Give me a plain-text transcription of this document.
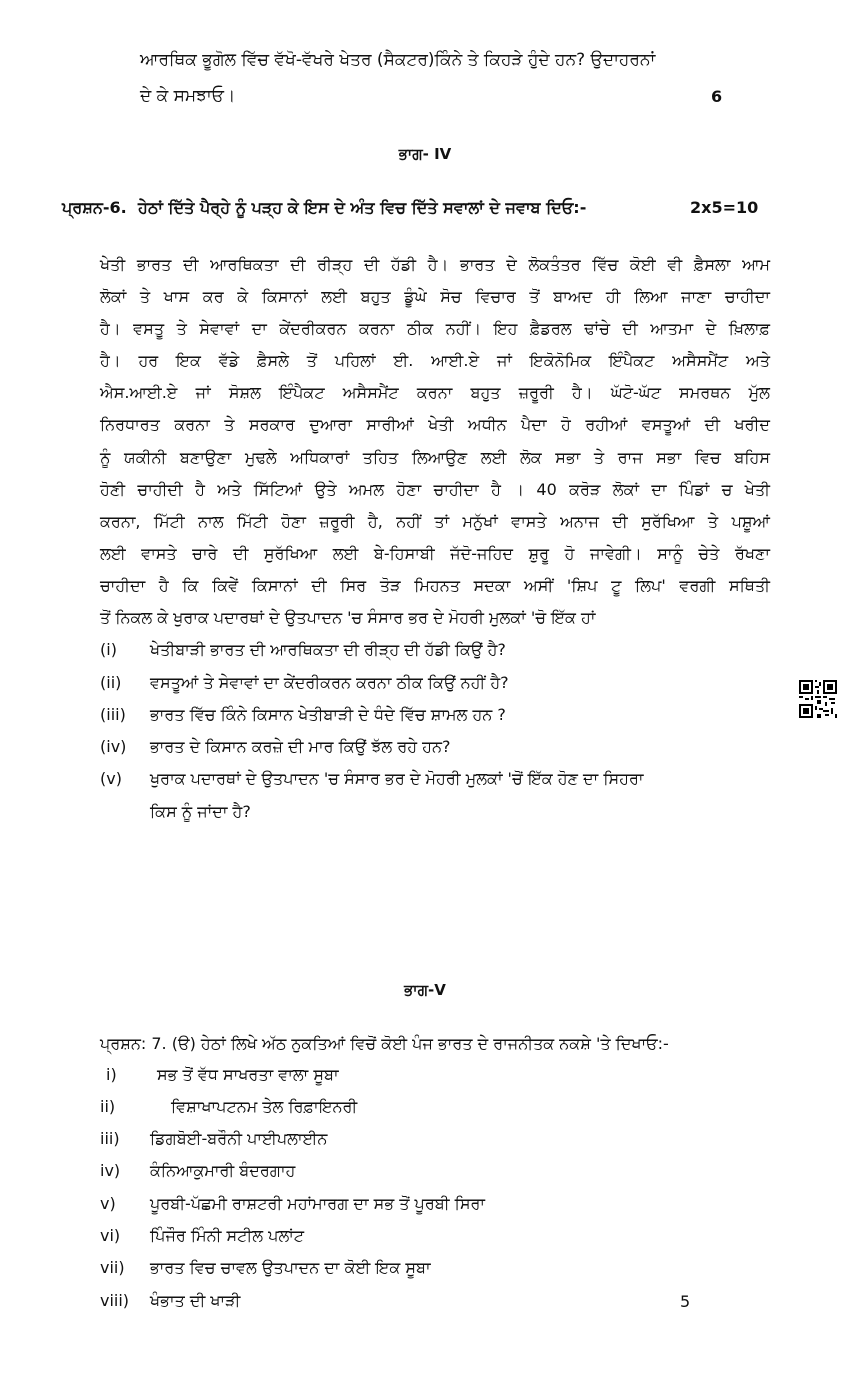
ਆਰਥਿਕ ਭੂਗੋਲ ਵਿੱਚ ਵੱਖੋ-ਵੱਖਰੇ ਖੇਤਰ (ਸੈਕਟਰ)ਕਿੰਨੇ ਤੇ ਕਿਹੜੇ ਹੁੰਦੇ ਹਨ? ਉਦਾਹਰਨਾਂ
ਦੇ ਕੇ ਸਮਝਾਓ।	6
ਭਾਗ- IV
ਪ੍ਰਸ਼ਨ-6. ਹੇਠਾਂ ਦਿੱਤੇ ਪੈਰ੍ਹੇ ਨੂੰ ਪੜ੍ਹ ਕੇ ਇਸ ਦੇ ਅੰਤ ਵਿਚ ਦਿੱਤੇ ਸਵਾਲਾਂ ਦੇ ਜਵਾਬ ਦਿਓ:-	2x5=10
ਖੇਤੀ ਭਾਰਤ ਦੀ ਆਰਥਿਕਤਾ ਦੀ ਰੀੜ੍ਹ ਦੀ ਹੱਡੀ ਹੈ। ਭਾਰਤ ਦੇ ਲੋਕਤੰਤਰ ਵਿੱਚ ਕੋਈ ਵੀ ਫ਼ੈਸਲਾ ਆਮ
ਲੋਕਾਂ ਤੇ ਖਾਸ ਕਰ ਕੇ ਕਿਸਾਨਾਂ ਲਈ ਬਹੁਤ ਡੂੰਘੇ ਸੋਚ ਵਿਚਾਰ ਤੋਂ ਬਾਅਦ ਹੀ ਲਿਆ ਜਾਣਾ ਚਾਹੀਦਾ
ਹੈ। ਵਸਤੂ ਤੇ ਸੇਵਾਵਾਂ ਦਾ ਕੇਂਦਰੀਕਰਨ ਕਰਨਾ ਠੀਕ ਨਹੀਂ। ਇਹ ਫ਼ੈਡਰਲ ਢਾਂਚੇ ਦੀ ਆਤਮਾ ਦੇ ਖ਼ਿਲਾਫ਼
ਹੈ। ਹਰ ਇਕ ਵੱਡੇ ਫ਼ੈਸਲੇ ਤੋਂ ਪਹਿਲਾਂ ਈ. ਆਈ.ਏ ਜਾਂ ਇਕੋਨੋਮਿਕ ਇੰਪੈਕਟ ਅਸੈਸਮੈਂਟ ਅਤੇ
ਐਸ.ਆਈ.ਏ ਜਾਂ ਸੋਸ਼ਲ ਇੰਪੈਕਟ ਅਸੈਸਮੈਂਟ ਕਰਨਾ ਬਹੁਤ ਜ਼ਰੂਰੀ ਹੈ। ਘੱਟੋ-ਘੱਟ ਸਮਰਥਨ ਮੁੱਲ
ਨਿਰਧਾਰਤ ਕਰਨਾ ਤੇ ਸਰਕਾਰ ਦੁਆਰਾ ਸਾਰੀਆਂ ਖੇਤੀ ਅਧੀਨ ਪੈਦਾ ਹੋ ਰਹੀਆਂ ਵਸਤੂਆਂ ਦੀ ਖਰੀਦ
ਨੂੰ ਯਕੀਨੀ ਬਣਾਉਣਾ ਮੁਢਲੇ ਅਧਿਕਾਰਾਂ ਤਹਿਤ ਲਿਆਉਣ ਲਈ ਲੋਕ ਸਭਾ ਤੇ ਰਾਜ ਸਭਾ ਵਿਚ ਬਹਿਸ
ਹੋਣੀ ਚਾਹੀਦੀ ਹੈ ਅਤੇ ਸਿੱਟਿਆਂ ਉਤੇ ਅਮਲ ਹੋਣਾ ਚਾਹੀਦਾ ਹੈ । 40 ਕਰੋੜ ਲੋਕਾਂ ਦਾ ਪਿੰਡਾਂ ਚ ਖੇਤੀ
ਕਰਨਾ, ਮਿੱਟੀ ਨਾਲ ਮਿੱਟੀ ਹੋਣਾ ਜ਼ਰੂਰੀ ਹੈ, ਨਹੀਂ ਤਾਂ ਮਨੁੱਖਾਂ ਵਾਸਤੇ ਅਨਾਜ ਦੀ ਸੁਰੱਖਿਆ ਤੇ ਪਸ਼ੂਆਂ
ਲਈ ਵਾਸਤੇ ਚਾਰੇ ਦੀ ਸੁਰੱਖਿਆ ਲਈ ਬੇ-ਹਿਸਾਬੀ ਜੱਦੋ-ਜਹਿਦ ਸ਼ੁਰੂ ਹੋ ਜਾਵੇਗੀ। ਸਾਨੂੰ ਚੇਤੇ ਰੱਖਣਾ
ਚਾਹੀਦਾ ਹੈ ਕਿ ਕਿਵੇਂ ਕਿਸਾਨਾਂ ਦੀ ਸਿਰ ਤੋੜ ਮਿਹਨਤ ਸਦਕਾ ਅਸੀਂ 'ਸ਼ਿਪ ਟੂ ਲਿਪ' ਵਰਗੀ ਸਥਿਤੀ
ਤੋਂ ਨਿਕਲ ਕੇ ਖੁਰਾਕ ਪਦਾਰਥਾਂ ਦੇ ਉਤਪਾਦਨ 'ਚ ਸੰਸਾਰ ਭਰ ਦੇ ਮੋਹਰੀ ਮੁਲਕਾਂ 'ਚੋ ਇੱਕ ਹਾਂ
(i) ਖੇਤੀਬਾੜੀ ਭਾਰਤ ਦੀ ਆਰਥਿਕਤਾ ਦੀ ਰੀੜ੍ਹ ਦੀ ਹੱਡੀ ਕਿਉਂ ਹੈ?
(ii) ਵਸਤੂਆਂ ਤੇ ਸੇਵਾਵਾਂ ਦਾ ਕੇਂਦਰੀਕਰਨ ਕਰਨਾ ਠੀਕ ਕਿਉਂ ਨਹੀਂ ਹੈ?
(iii) ਭਾਰਤ ਵਿੱਚ ਕਿੰਨੇ ਕਿਸਾਨ ਖੇਤੀਬਾੜੀ ਦੇ ਧੰਦੇ ਵਿੱਚ ਸ਼ਾਮਲ ਹਨ ?
(iv) ਭਾਰਤ ਦੇ ਕਿਸਾਨ ਕਰਜ਼ੇ ਦੀ ਮਾਰ ਕਿਉਂ ਝੱਲ ਰਹੇ ਹਨ?
(v) ਖੁਰਾਕ ਪਦਾਰਥਾਂ ਦੇ ਉਤਪਾਦਨ 'ਚ ਸੰਸਾਰ ਭਰ ਦੇ ਮੋਹਰੀ ਮੁਲਕਾਂ 'ਚੋਂ ਇੱਕ ਹੋਣ ਦਾ ਸਿਹਰਾ
ਕਿਸ ਨੂੰ ਜਾਂਦਾ ਹੈ?
ਭਾਗ-V
ਪ੍ਰਸ਼ਨ: 7. (ੳ) ਹੇਠਾਂ ਲਿਖੇ ਅੱਠ ਨੁਕਤਿਆਂ ਵਿਚੋਂ ਕੋਈ ਪੰਜ ਭਾਰਤ ਦੇ ਰਾਜਨੀਤਕ ਨਕਸ਼ੇ 'ਤੇ ਦਿਖਾਓ:-
i)	ਸਭ ਤੋਂ ਵੱਧ ਸਾਖਰਤਾ ਵਾਲਾ ਸੂਬਾ
ii)	ਵਿਸ਼ਾਖਾਪਟਨਮ ਤੇਲ ਰਿਫ਼ਾਇਨਰੀ
iii) ਡਿਗਬੋਈ-ਬਰੌਨੀ ਪਾਈਪਲਾਈਨ
iv) ਕੰਨਿਆਕੁਮਾਰੀ ਬੰਦਰਗਾਹ
v) ਪੂਰਬੀ-ਪੱਛਮੀ ਰਾਸ਼ਟਰੀ ਮਹਾਂਮਾਰਗ ਦਾ ਸਭ ਤੋਂ ਪੂਰਬੀ ਸਿਰਾ
vi) ਪਿੰਜੌਰ ਮਿੰਨੀ ਸਟੀਲ ਪਲਾਂਟ
vii) ਭਾਰਤ ਵਿਚ ਚਾਵਲ ਉਤਪਾਦਨ ਦਾ ਕੋਈ ਇਕ ਸੂਬਾ
viii) ਖੰਭਾਤ ਦੀ ਖਾੜੀ	5
